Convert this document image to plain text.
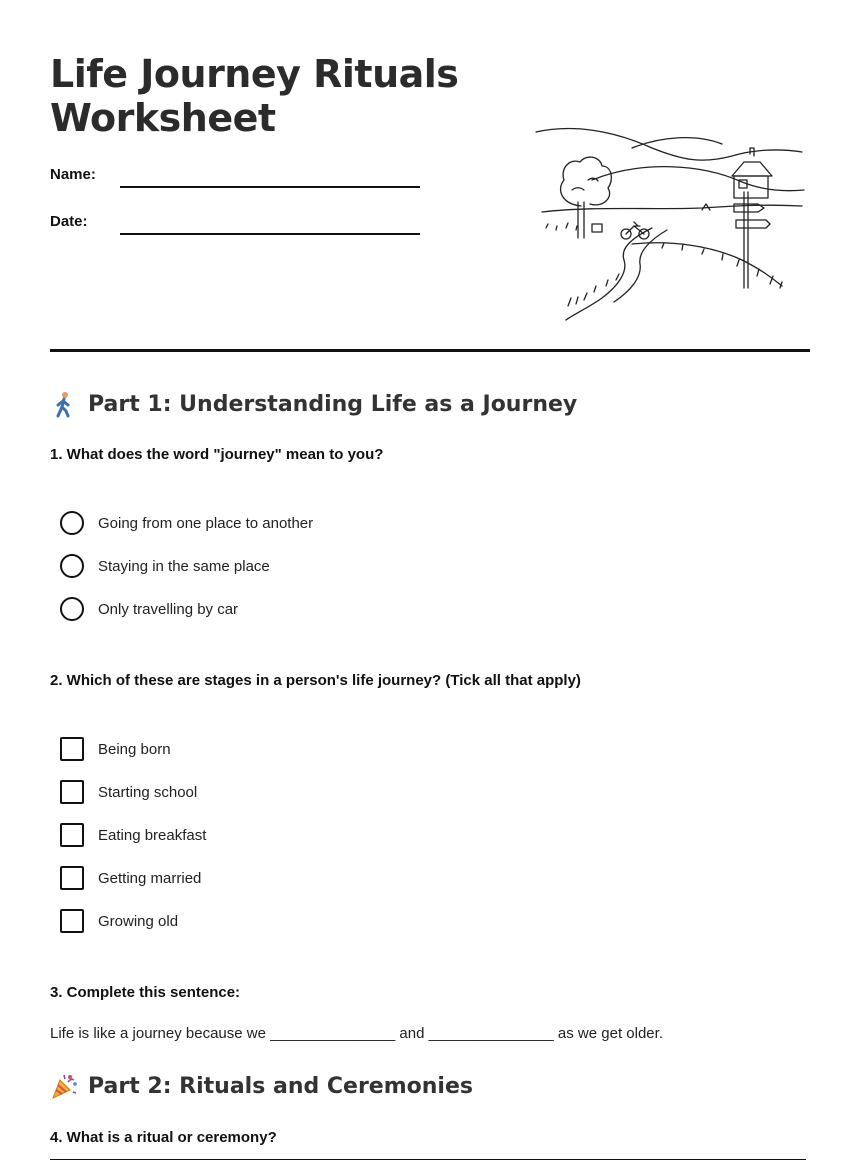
Life Journey Rituals
Worksheet
Name:
Date:
Part 1: Understanding Life as a Journey
1. What does the word "journey" mean to you?
Going from one place to another
Staying in the same place
Only travelling by car
2. Which of these are stages in a person's life journey? (Tick all that apply)
Being born
Starting school
Eating breakfast
Getting married
Growing old
3. Complete this sentence:
Life is like a journey because we _______________ and _______________ as we get older.
Part 2: Rituals and Ceremonies
4. What is a ritual or ceremony?
